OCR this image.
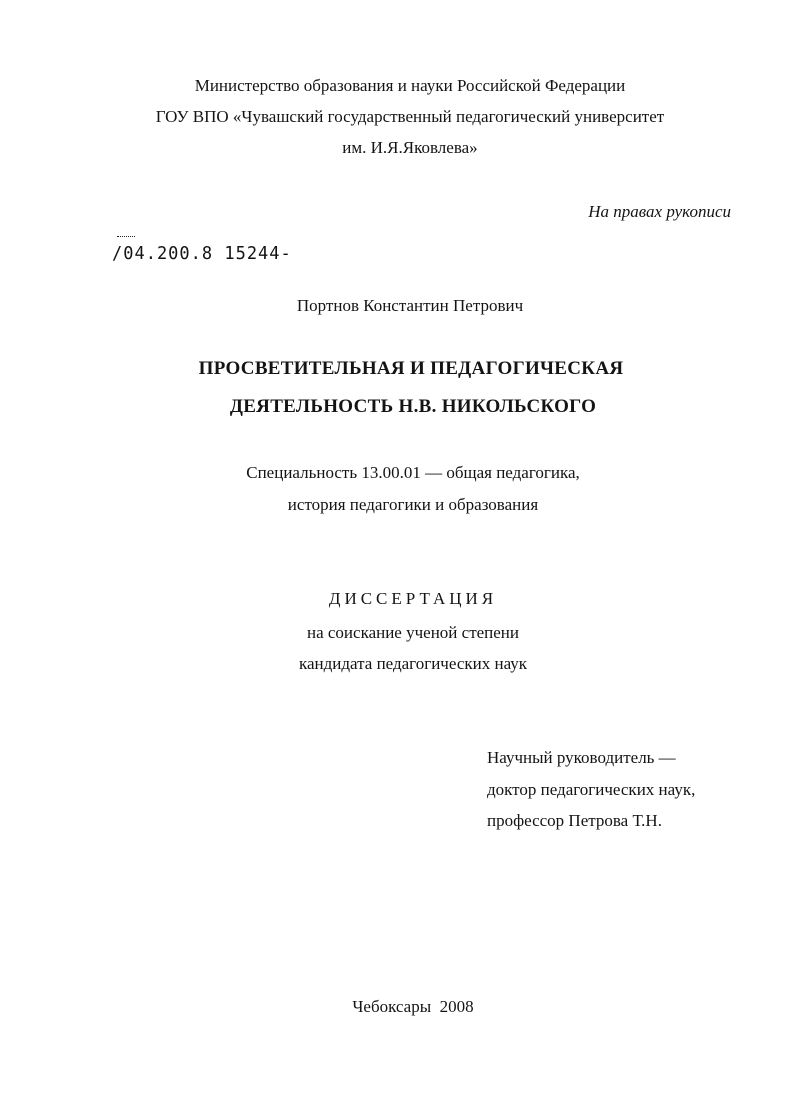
Министерство образования и науки Российской Федерации
ГОУ ВПО «Чувашский государственный педагогический университет
им. И.Я.Яковлева»
На правах рукописи
/04.200.8 15244-
Портнов Константин Петрович
ПРОСВЕТИТЕЛЬНАЯ И ПЕДАГОГИЧЕСКАЯ
ДЕЯТЕЛЬНОСТЬ Н.В. НИКОЛЬСКОГО
Специальность 13.00.01 — общая педагогика,
история педагогики и образования
ДИССЕРТАЦИЯ
на соискание ученой степени
кандидата педагогических наук
Научный руководитель —
доктор педагогических наук,
профессор Петрова Т.Н.
Чебоксары  2008
